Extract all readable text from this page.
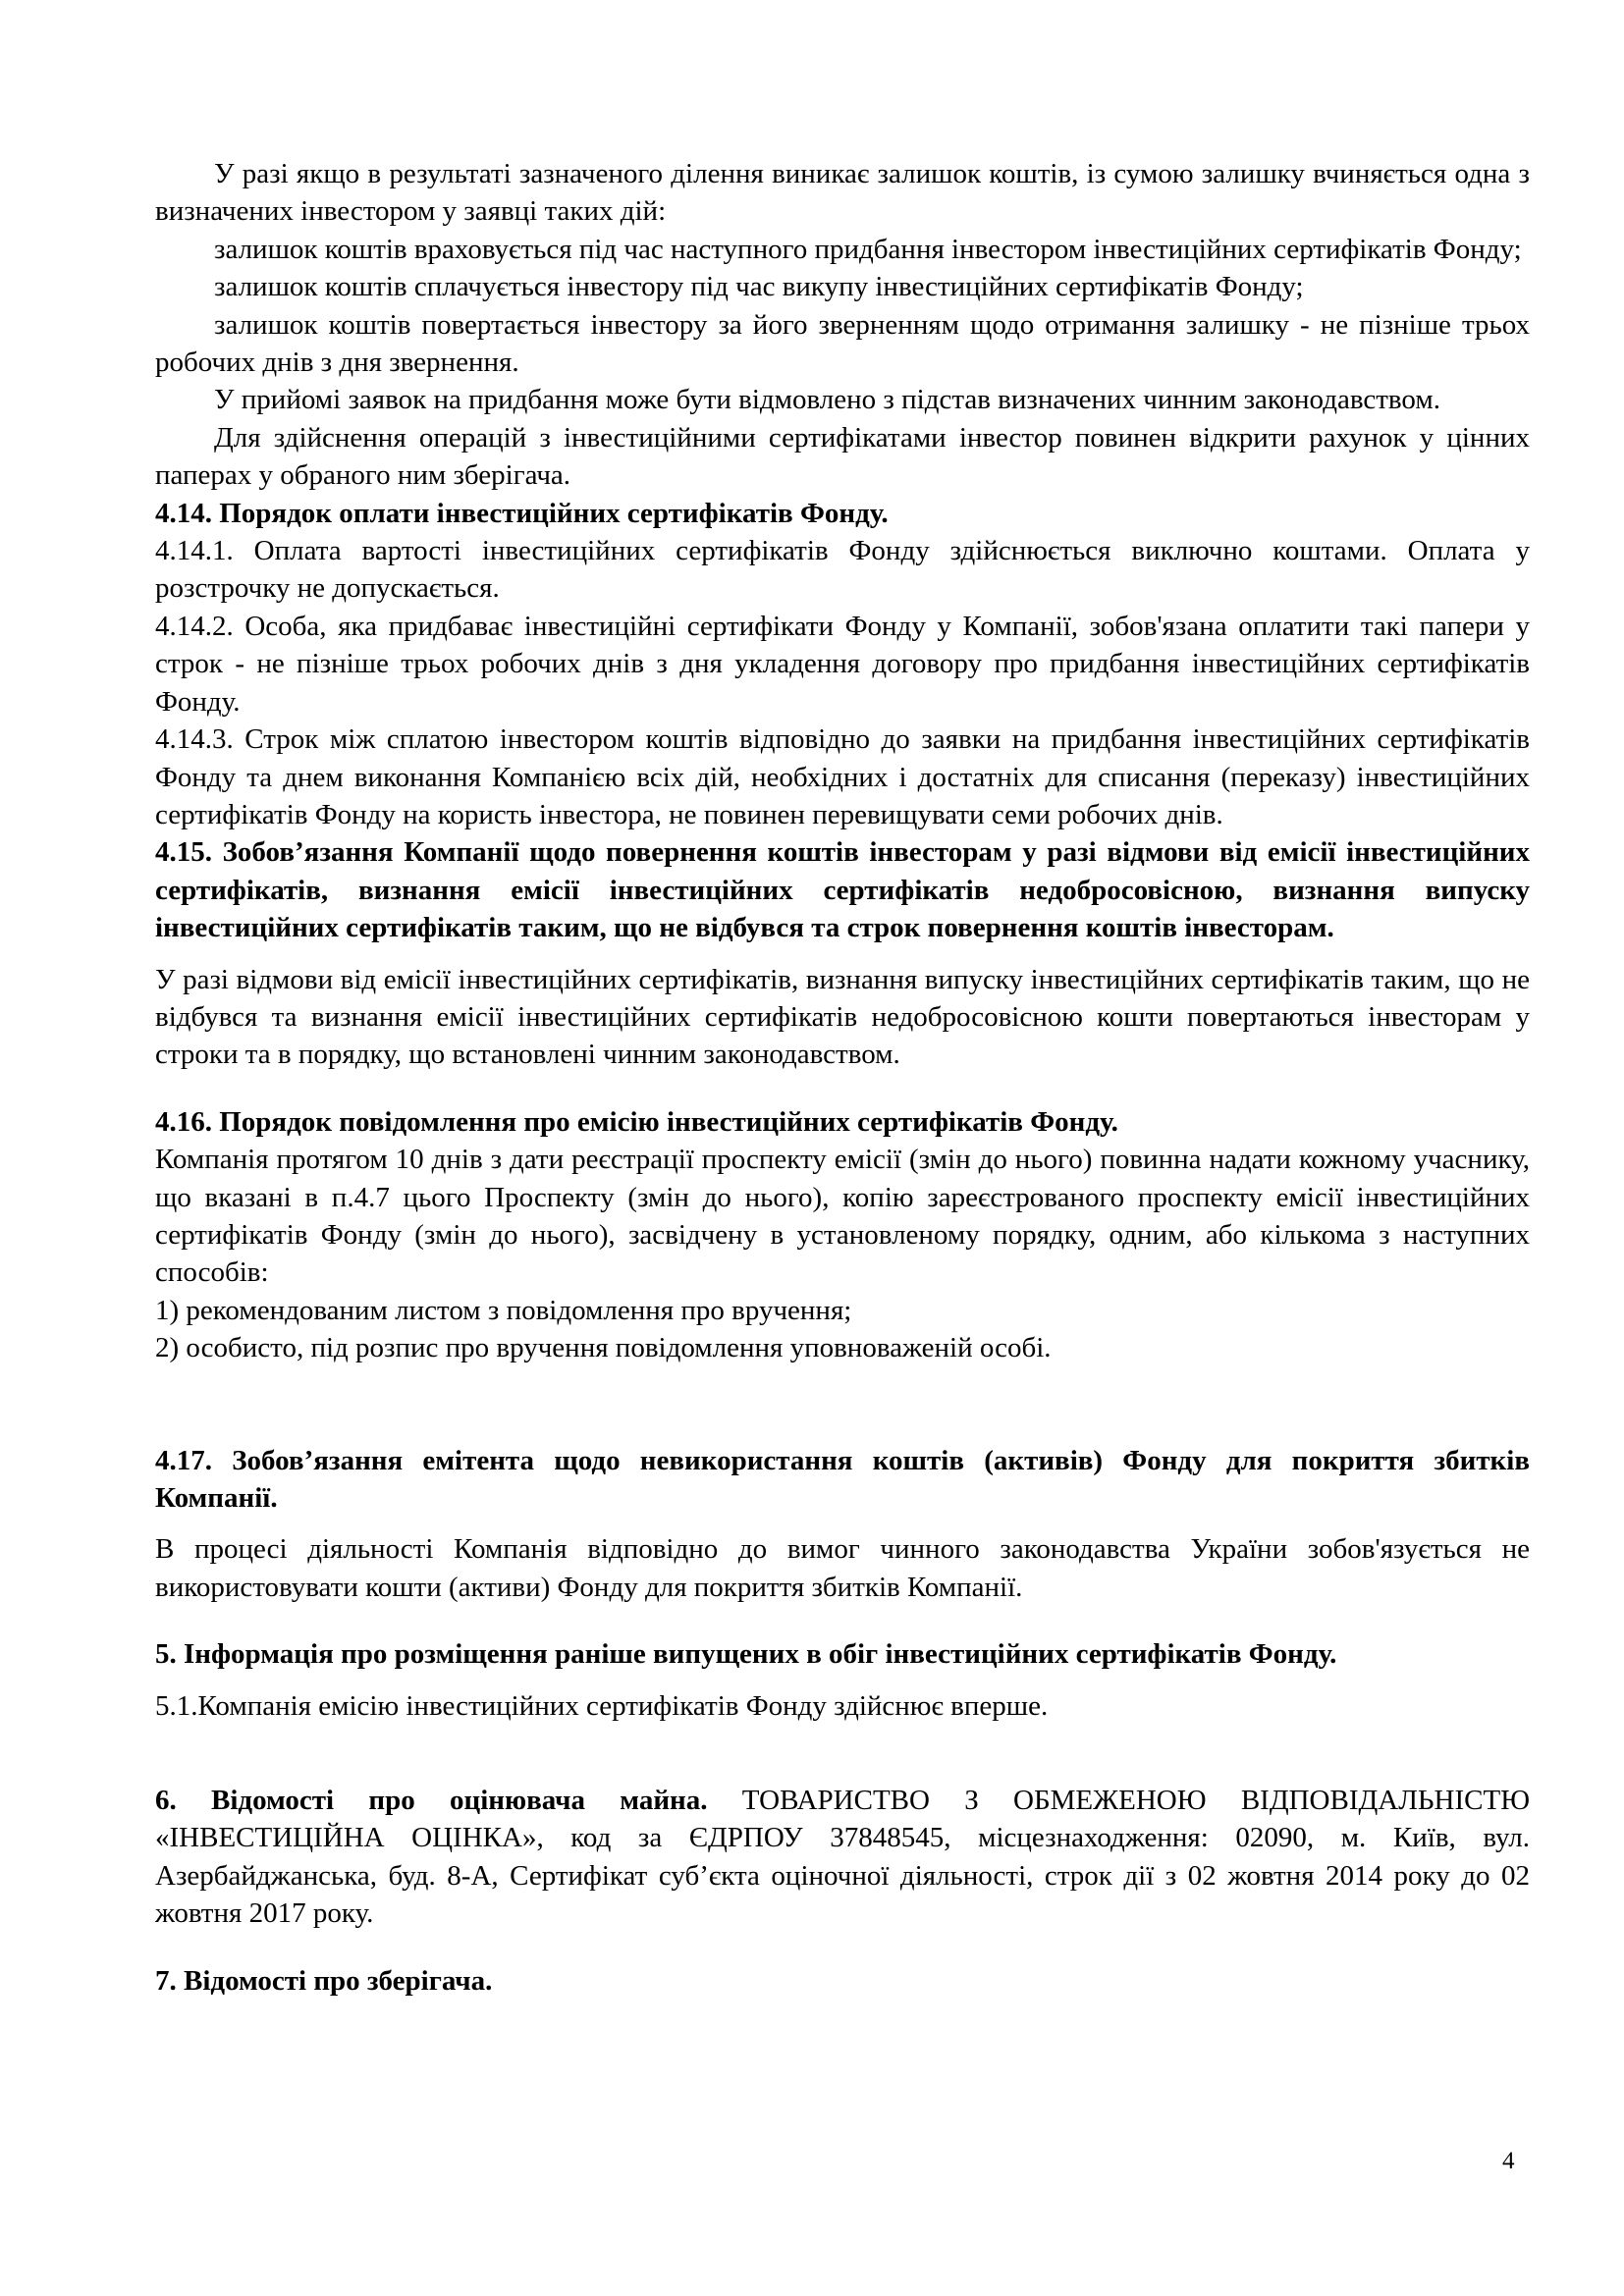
У разі якщо в результаті зазначеного ділення виникає залишок коштів, із сумою залишку вчиняється одна з визначених інвестором у заявці таких дій:

залишок коштів враховується під час наступного придбання інвестором інвестиційних сертифікатів Фонду;

залишок коштів сплачується інвестору під час викупу інвестиційних сертифікатів Фонду;

залишок коштів повертається інвестору за його зверненням щодо отримання залишку - не пізніше трьох робочих днів з дня звернення.

У прийомі заявок на придбання може бути відмовлено з підстав визначених чинним законодавством.

Для здійснення операцій з інвестиційними сертифікатами інвестор повинен відкрити рахунок у цінних паперах у обраного ним зберігача.

4.14. Порядок оплати інвестиційних сертифікатів Фонду.

4.14.1. Оплата вартості інвестиційних сертифікатів Фонду здійснюється виключно коштами. Оплата у розстрочку не допускається.

4.14.2. Особа, яка придбаває інвестиційні сертифікати Фонду у Компанії, зобов'язана оплатити такі папери у строк - не пізніше трьох робочих днів з дня укладення договору про придбання інвестиційних сертифікатів Фонду.

4.14.3. Строк між сплатою інвестором коштів відповідно до заявки на придбання інвестиційних сертифікатів Фонду та днем виконання Компанією всіх дій, необхідних і достатніх для списання (переказу) інвестиційних сертифікатів Фонду на користь інвестора, не повинен перевищувати семи робочих днів.

4.15. Зобов’язання Компанії щодо повернення коштів інвесторам у разі відмови від емісії інвестиційних сертифікатів, визнання емісії інвестиційних сертифікатів недобросовісною, визнання випуску інвестиційних сертифікатів таким, що не відбувся та строк повернення коштів інвесторам.

У разі відмови від емісії інвестиційних сертифікатів, визнання випуску інвестиційних сертифікатів таким, що не відбувся та визнання емісії інвестиційних сертифікатів недобросовісною кошти повертаються інвесторам у строки та в порядку, що встановлені чинним законодавством.

4.16. Порядок повідомлення про емісію інвестиційних сертифікатів Фонду.

Компанія протягом 10 днів з дати реєстрації проспекту емісії (змін до нього) повинна надати кожному учаснику, що вказані в п.4.7 цього Проспекту (змін до нього), копію зареєстрованого проспекту емісії інвестиційних сертифікатів Фонду (змін до нього), засвідчену в установленому порядку, одним, або кількома з наступних способів:

1) рекомендованим листом з повідомлення про вручення;

2) особисто, під розпис про вручення повідомлення уповноваженій особі.

4.17. Зобов’язання емітента щодо невикористання коштів (активів) Фонду для покриття збитків Компанії.

В процесі діяльності Компанія відповідно до вимог чинного законодавства України зобов'язується не використовувати кошти (активи) Фонду для покриття збитків Компанії.

5. Інформація про розміщення раніше випущених в обіг інвестиційних сертифікатів Фонду.

5.1.Компанія емісію інвестиційних сертифікатів Фонду здійснює вперше.

6. Відомості про оцінювача майна. ТОВАРИСТВО З ОБМЕЖЕНОЮ ВІДПОВІДАЛЬНІСТЮ «ІНВЕСТИЦІЙНА ОЦІНКА», код за ЄДРПОУ 37848545, місцезнаходження: 02090, м. Київ, вул. Азербайджанська, буд. 8-А, Сертифікат суб’єкта оціночної діяльності, строк дії з 02 жовтня 2014 року до 02 жовтня 2017 року.

7. Відомості про зберігача.

4
